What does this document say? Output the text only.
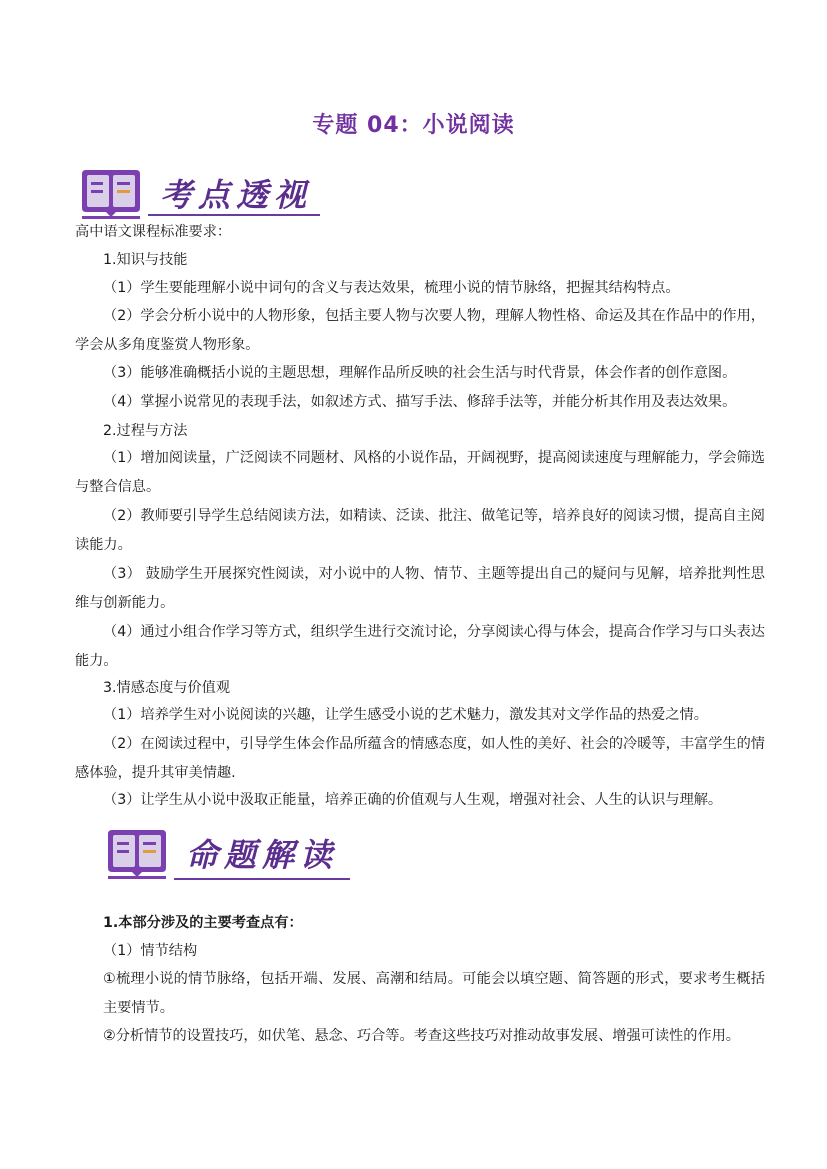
专题 04：小说阅读
考点透视
高中语文课程标准要求：
1.知识与技能
（1）学生要能理解小说中词句的含义与表达效果，梳理小说的情节脉络，把握其结构特点。
（2）学会分析小说中的人物形象，包括主要人物与次要人物，理解人物性格、命运及其在作品中的作用，学会从多角度鉴赏人物形象。
（3）能够准确概括小说的主题思想，理解作品所反映的社会生活与时代背景，体会作者的创作意图。
（4）掌握小说常见的表现手法，如叙述方式、描写手法、修辞手法等，并能分析其作用及表达效果。
2.过程与方法
（1）增加阅读量，广泛阅读不同题材、风格的小说作品，开阔视野，提高阅读速度与理解能力，学会筛选与整合信息。
（2）教师要引导学生总结阅读方法，如精读、泛读、批注、做笔记等，培养良好的阅读习惯，提高自主阅读能力。
（3） 鼓励学生开展探究性阅读，对小说中的人物、情节、主题等提出自己的疑问与见解，培养批判性思维与创新能力。
（4）通过小组合作学习等方式，组织学生进行交流讨论，分享阅读心得与体会，提高合作学习与口头表达能力。
3.情感态度与价值观
（1）培养学生对小说阅读的兴趣，让学生感受小说的艺术魅力，激发其对文学作品的热爱之情。
（2）在阅读过程中，引导学生体会作品所蕴含的情感态度，如人性的美好、社会的冷暖等，丰富学生的情感体验，提升其审美情趣.
（3）让学生从小说中汲取正能量，培养正确的价值观与人生观，增强对社会、人生的认识与理解。
命题解读
1.本部分涉及的主要考查点有：
（1）情节结构
①梳理小说的情节脉络，包括开端、发展、高潮和结局。可能会以填空题、简答题的形式，要求考生概括主要情节。
②分析情节的设置技巧，如伏笔、悬念、巧合等。考查这些技巧对推动故事发展、增强可读性的作用。
